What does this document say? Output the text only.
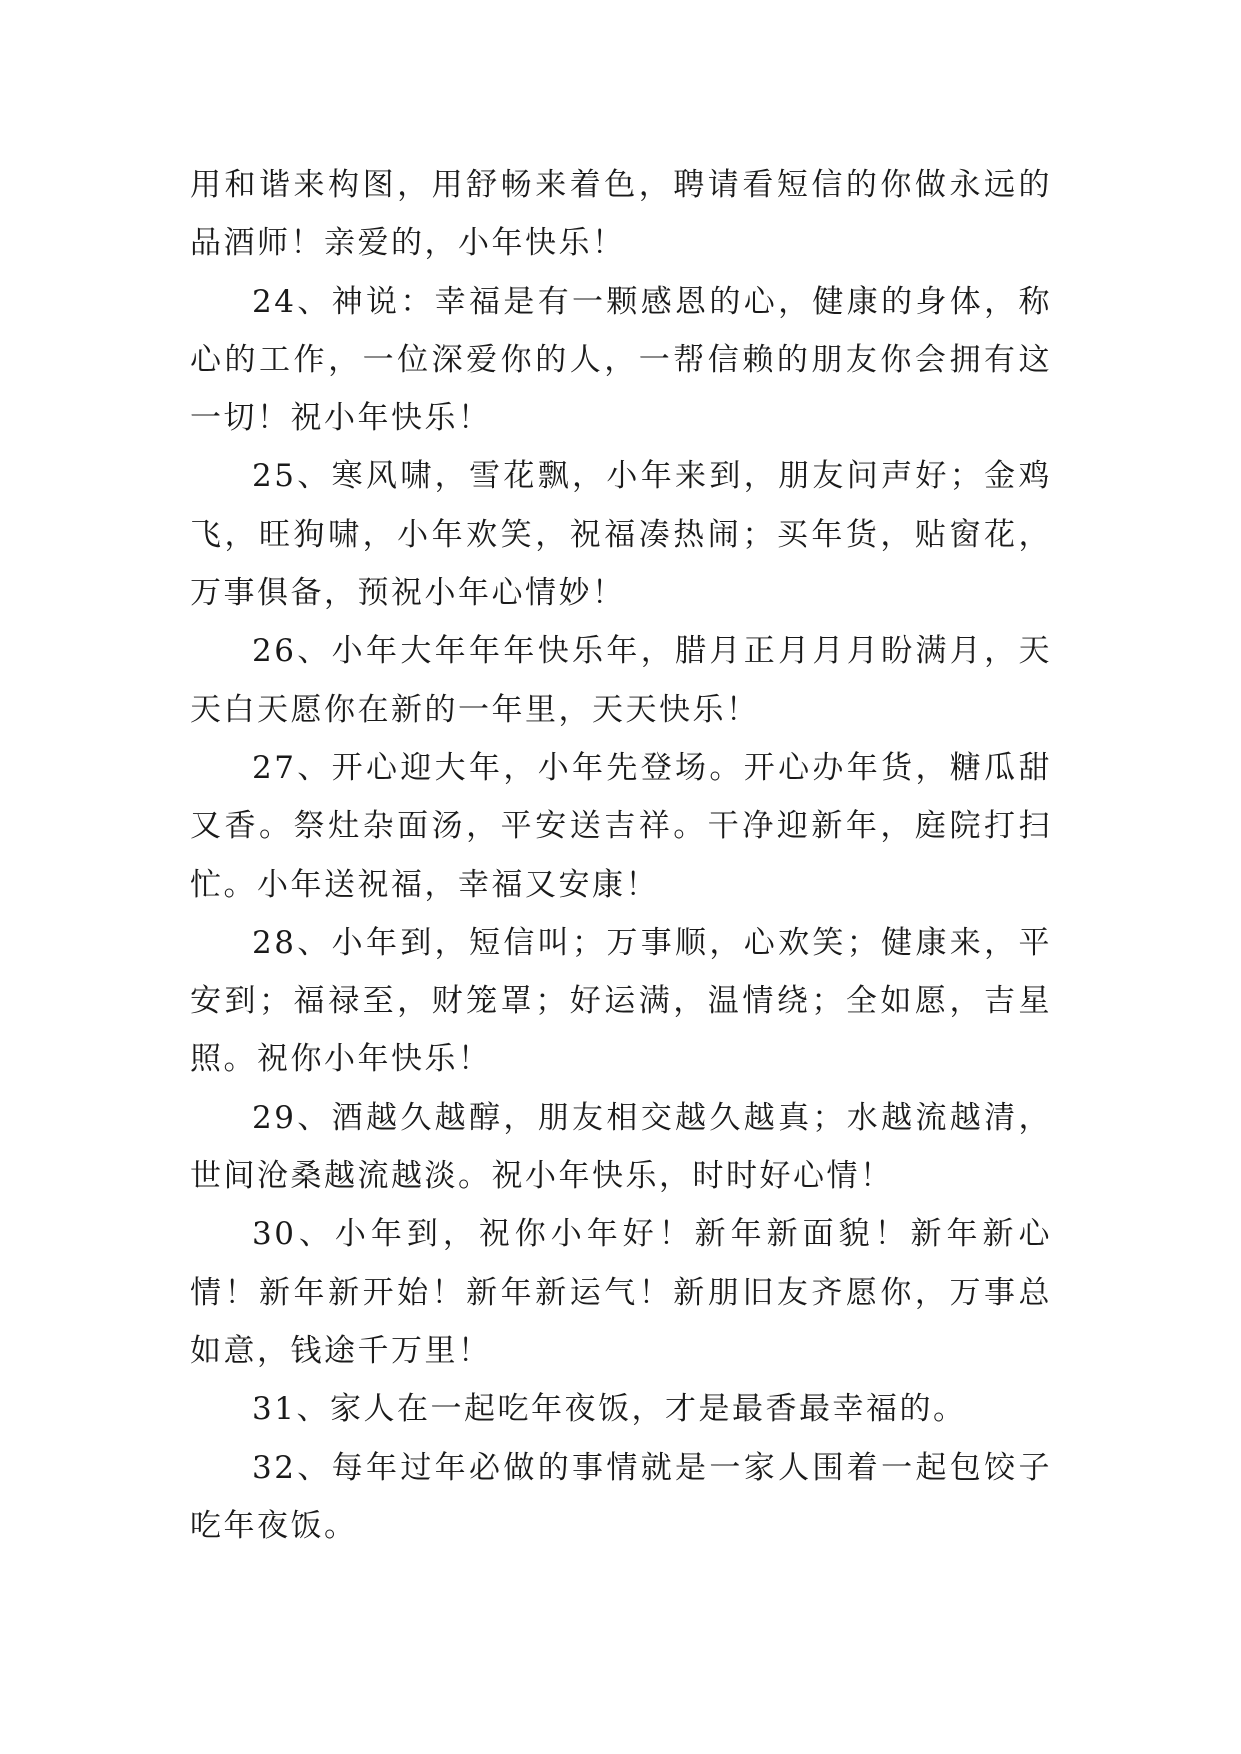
用和谐来构图，用舒畅来着色，聘请看短信的你做永远的品酒师！亲爱的，小年快乐！

24、神说：幸福是有一颗感恩的心，健康的身体，称心的工作，一位深爱你的人，一帮信赖的朋友你会拥有这一切！祝小年快乐！

25、寒风啸，雪花飘，小年来到，朋友问声好；金鸡飞，旺狗啸，小年欢笑，祝福凑热闹；买年货，贴窗花，万事俱备，预祝小年心情妙！

26、小年大年年年快乐年，腊月正月月月盼满月，天天白天愿你在新的一年里，天天快乐！

27、开心迎大年，小年先登场。开心办年货，糖瓜甜又香。祭灶杂面汤，平安送吉祥。干净迎新年，庭院打扫忙。小年送祝福，幸福又安康！

28、小年到，短信叫；万事顺，心欢笑；健康来，平安到；福禄至，财笼罩；好运满，温情绕；全如愿，吉星照。祝你小年快乐！

29、酒越久越醇，朋友相交越久越真；水越流越清，世间沧桑越流越淡。祝小年快乐，时时好心情！

30、小年到，祝你小年好！新年新面貌！新年新心情！新年新开始！新年新运气！新朋旧友齐愿你，万事总如意，钱途千万里！

31、家人在一起吃年夜饭，才是最香最幸福的。

32、每年过年必做的事情就是一家人围着一起包饺子吃年夜饭。
